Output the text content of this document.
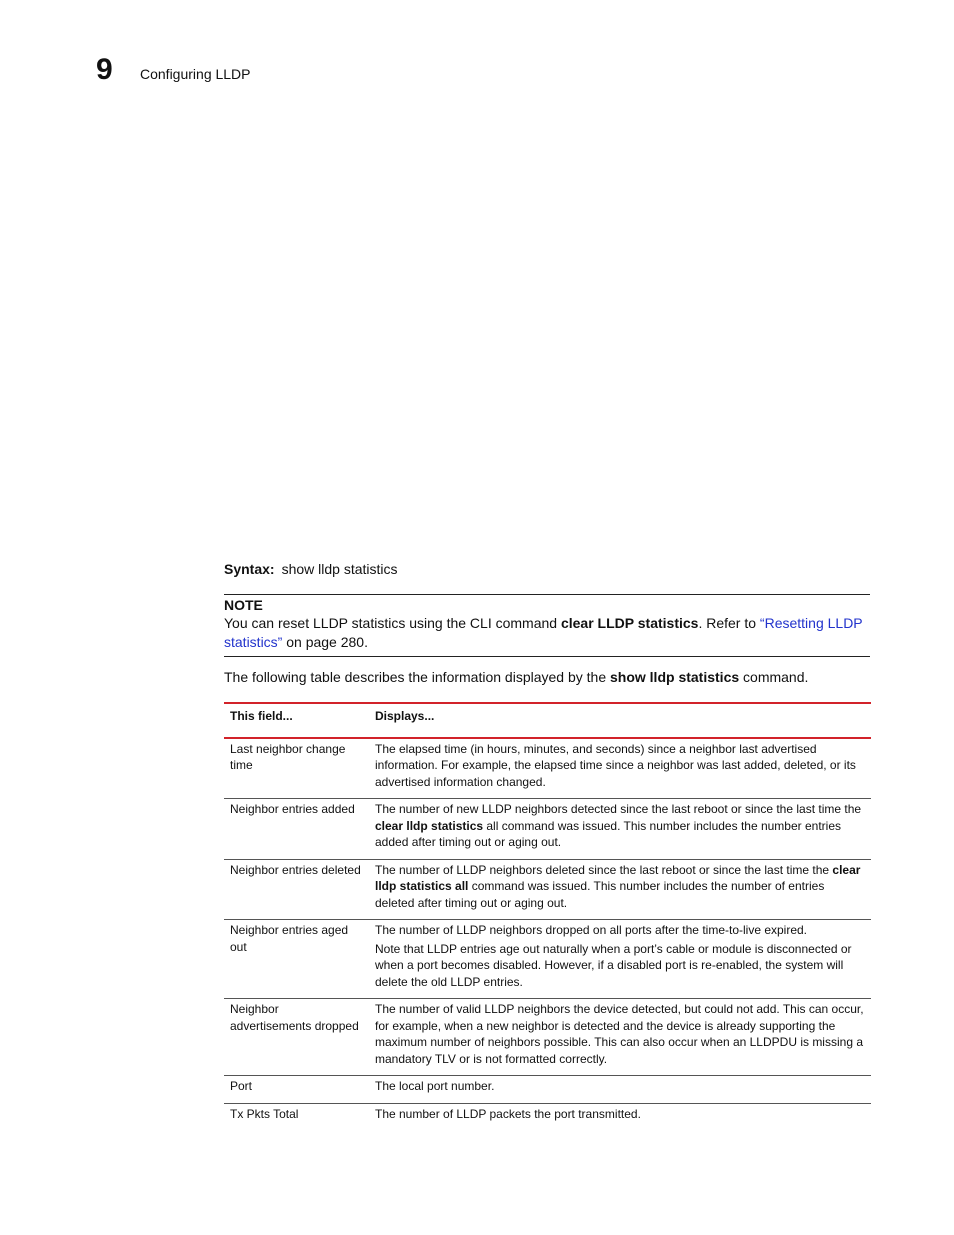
9 Configuring LLDP
Syntax: show lldp statistics
NOTE
You can reset LLDP statistics using the CLI command clear LLDP statistics. Refer to “Resetting LLDP statistics” on page 280.
The following table describes the information displayed by the show lldp statistics command.
This field...	Displays...
Last neighbor change time	The elapsed time (in hours, minutes, and seconds) since a neighbor last advertised information. For example, the elapsed time since a neighbor was last added, deleted, or its advertised information changed.

Neighbor entries added	The number of new LLDP neighbors detected since the last reboot or since the last time the clear lldp statistics all command was issued. This number includes the number entries added after timing out or aging out.

Neighbor entries deleted	The number of LLDP neighbors deleted since the last reboot or since the last time the clear lldp statistics all command was issued. This number includes the number of entries deleted after timing out or aging out.

Neighbor entries aged out	The number of LLDP neighbors dropped on all ports after the time-to-live expired.

Note that LLDP entries age out naturally when a port’s cable or module is disconnected or when a port becomes disabled. However, if a disabled port is re-enabled, the system will delete the old LLDP entries.

Neighbor advertisements dropped	The number of valid LLDP neighbors the device detected, but could not add. This can occur, for example, when a new neighbor is detected and the device is already supporting the maximum number of neighbors possible. This can also occur when an LLDPDU is missing a mandatory TLV or is not formatted correctly.

Port	The local port number.

Tx Pkts Total	The number of LLDP packets the port transmitted.
